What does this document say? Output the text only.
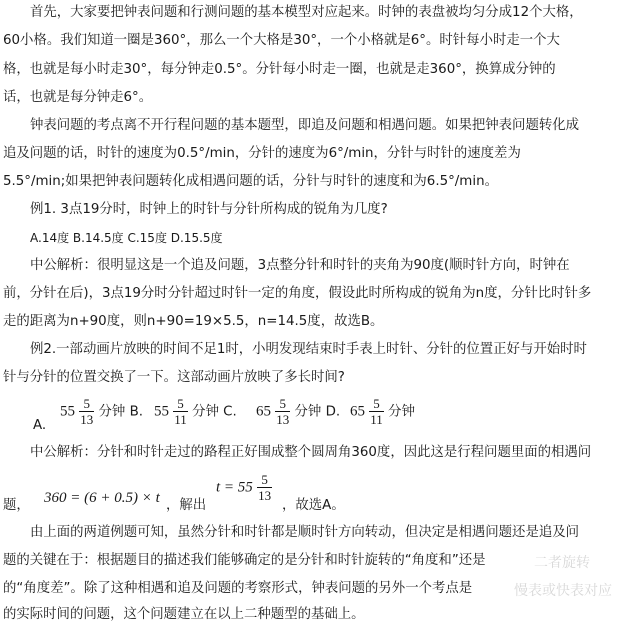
首先，大家要把钟表问题和行测问题的基本模型对应起来。时钟的表盘被均匀分成12个大格，
60小格。我们知道一圈是360°，那么一个大格是30°，一个小格就是6°。时针每小时走一个大
格，也就是每小时走30°，每分钟走0.5°。分针每小时走一圈，也就是走360°，换算成分钟的
话，也就是每分钟走6°。
钟表问题的考点离不开行程问题的基本题型，即追及问题和相遇问题。如果把钟表问题转化成
追及问题的话，时针的速度为0.5°/min，分针的速度为6°/min，分针与时针的速度差为
5.5°/min;如果把钟表问题转化成相遇问题的话，分针与时针的速度和为6.5°/min。
例1. 3点19分时，时钟上的时针与分针所构成的锐角为几度?
A.14度 B.14.5度 C.15度 D.15.5度
中公解析：很明显这是一个追及问题，3点整分针和时针的夹角为90度(顺时针方向，时钟在
前，分针在后)，3点19分时分针超过时针一定的角度，假设此时所构成的锐角为n度，分针比时针多
走的距离为n+90度，则n+90=19×5.5，n=14.5度，故选B。
例2.一部动画片放映的时间不足1时，小明发现结束时手表上时针、分针的位置正好与开始时时
针与分针的位置交换了一下。这部动画片放映了多长时间?
A.
$55 \frac{5}{13}$ 分钟 B. $55 \frac{5}{11}$ 分钟 C. $65 \frac{5}{13}$ 分钟 D. $65 \frac{5}{11}$ 分钟
中公解析：分针和时针走过的路程正好围成整个圆周角360度，因此这是行程问题里面的相遇问
题， 360 = (6 + 0.5) × t ，解出
$t = 55 \frac{5}{13}$
，故选A。
由上面的两道例题可知，虽然分针和时针都是顺时针方向转动，但决定是相遇问题还是追及问
题的关键在于：根据题目的描述我们能够确定的是分针和时针旋转的“角度和”还是
的“角度差”。除了这种相遇和追及问题的考察形式，钟表问题的另外一个考点是
的实际时间的问题，这个问题建立在以上二种题型的基础上。
二者旋转
慢表或快表对应
